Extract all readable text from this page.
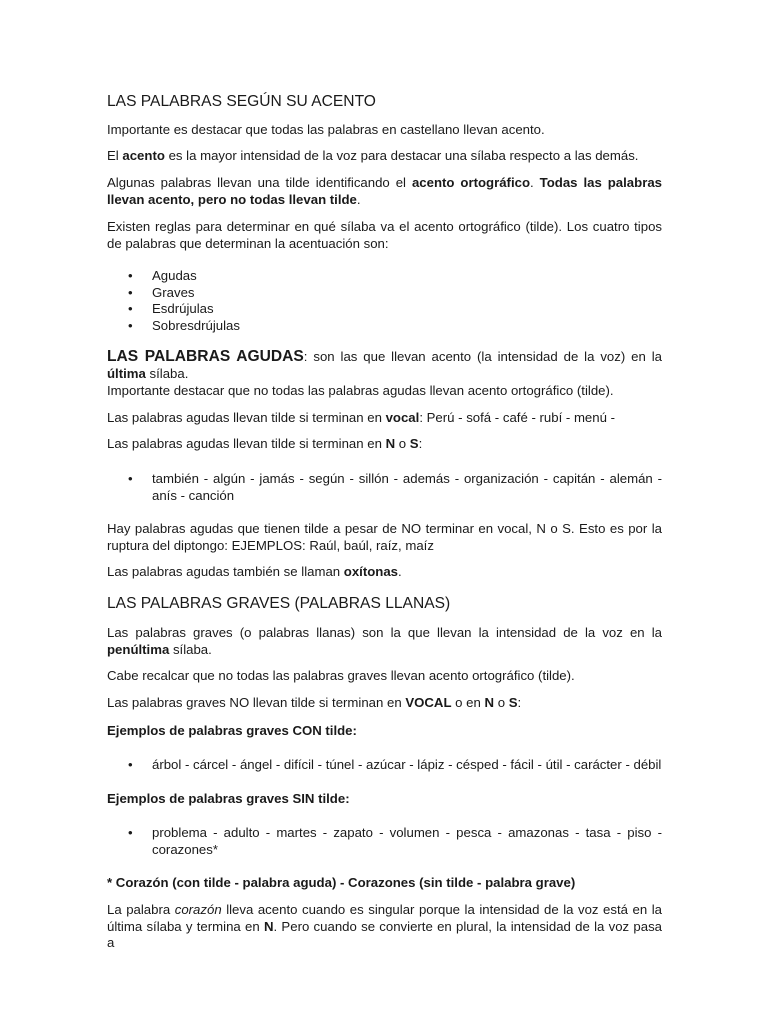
LAS PALABRAS SEGÚN SU ACENTO

Importante es destacar que todas las palabras en castellano llevan acento.

El acento es la mayor intensidad de la voz para destacar una sílaba respecto a las demás.

Algunas palabras llevan una tilde identificando el acento ortográfico. Todas las palabras llevan acento, pero no todas llevan tilde.

Existen reglas para determinar en qué sílaba va el acento ortográfico (tilde). Los cuatro tipos de palabras que determinan la acentuación son:

• Agudas
• Graves
• Esdrújulas
• Sobresdrújulas

LAS PALABRAS AGUDAS: son las que llevan acento (la intensidad de la voz) en la última sílaba.

Importante destacar que no todas las palabras agudas llevan acento ortográfico (tilde).

Las palabras agudas llevan tilde si terminan en vocal: Perú - sofá - café - rubí - menú -

Las palabras agudas llevan tilde si terminan en N o S:

• también - algún - jamás - según - sillón - además - organización - capitán - alemán - anís - canción

Hay palabras agudas que tienen tilde a pesar de NO terminar en vocal, N o S. Esto es por la ruptura del diptongo: EJEMPLOS: Raúl, baúl, raíz, maíz

Las palabras agudas también se llaman oxítonas.

LAS PALABRAS GRAVES (PALABRAS LLANAS)

Las palabras graves (o palabras llanas) son la que llevan la intensidad de la voz en la penúltima sílaba.

Cabe recalcar que no todas las palabras graves llevan acento ortográfico (tilde).

Las palabras graves NO llevan tilde si terminan en VOCAL o en N o S:

Ejemplos de palabras graves CON tilde:

• árbol - cárcel - ángel - difícil - túnel - azúcar - lápiz - césped - fácil - útil - carácter - débil

Ejemplos de palabras graves SIN tilde:

• problema - adulto - martes - zapato - volumen - pesca - amazonas - tasa - piso - corazones*

* Corazón (con tilde - palabra aguda) - Corazones (sin tilde - palabra grave)

La palabra corazón lleva acento cuando es singular porque la intensidad de la voz está en la última sílaba y termina en N. Pero cuando se convierte en plural, la intensidad de la voz pasa a
